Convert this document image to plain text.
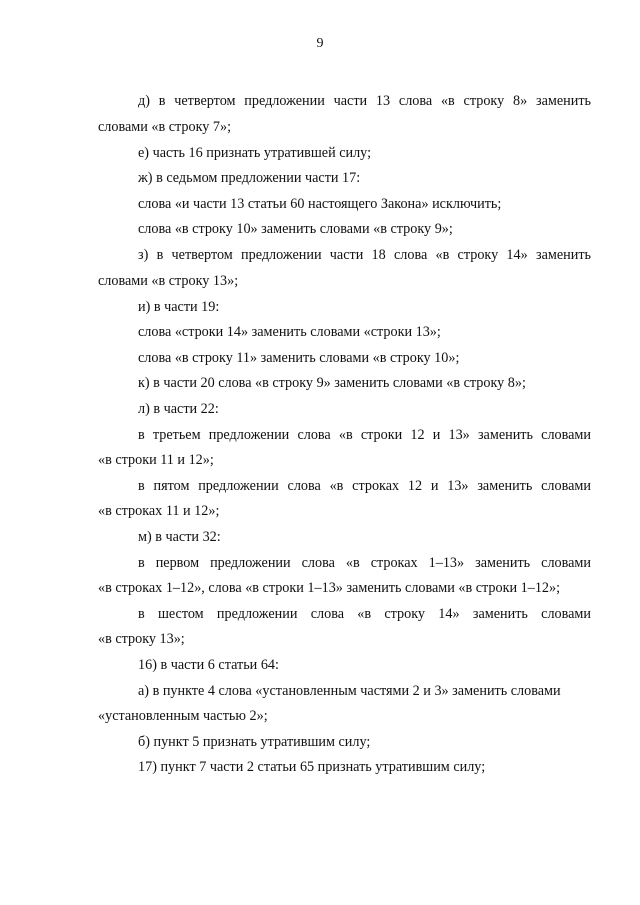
9
д) в четвертом предложении части 13 слова «в строку 8» заменить
словами «в строку 7»;
е) часть 16 признать утратившей силу;
ж) в седьмом предложении части 17:
слова «и части 13 статьи 60 настоящего Закона» исключить;
слова «в строку 10» заменить словами «в строку 9»;
з) в четвертом предложении части 18 слова «в строку 14» заменить
словами «в строку 13»;
и) в части 19:
слова «строки 14» заменить словами «строки 13»;
слова «в строку 11» заменить словами «в строку 10»;
к) в части 20 слова «в строку 9» заменить словами «в строку 8»;
л) в части 22:
в третьем предложении слова «в строки 12 и 13» заменить словами
«в строки 11 и 12»;
в пятом предложении слова «в строках 12 и 13» заменить словами
«в строках 11 и 12»;
м) в части 32:
в первом предложении слова «в строках 1–13» заменить словами
«в строках 1–12», слова «в строки 1–13» заменить словами «в строки 1–12»;
в шестом предложении слова «в строку 14» заменить словами
«в строку 13»;
16) в части 6 статьи 64:
а) в пункте 4 слова «установленным частями 2 и 3» заменить словами
«установленным частью 2»;
б) пункт 5 признать утратившим силу;
17) пункт 7 части 2 статьи 65 признать утратившим силу;
